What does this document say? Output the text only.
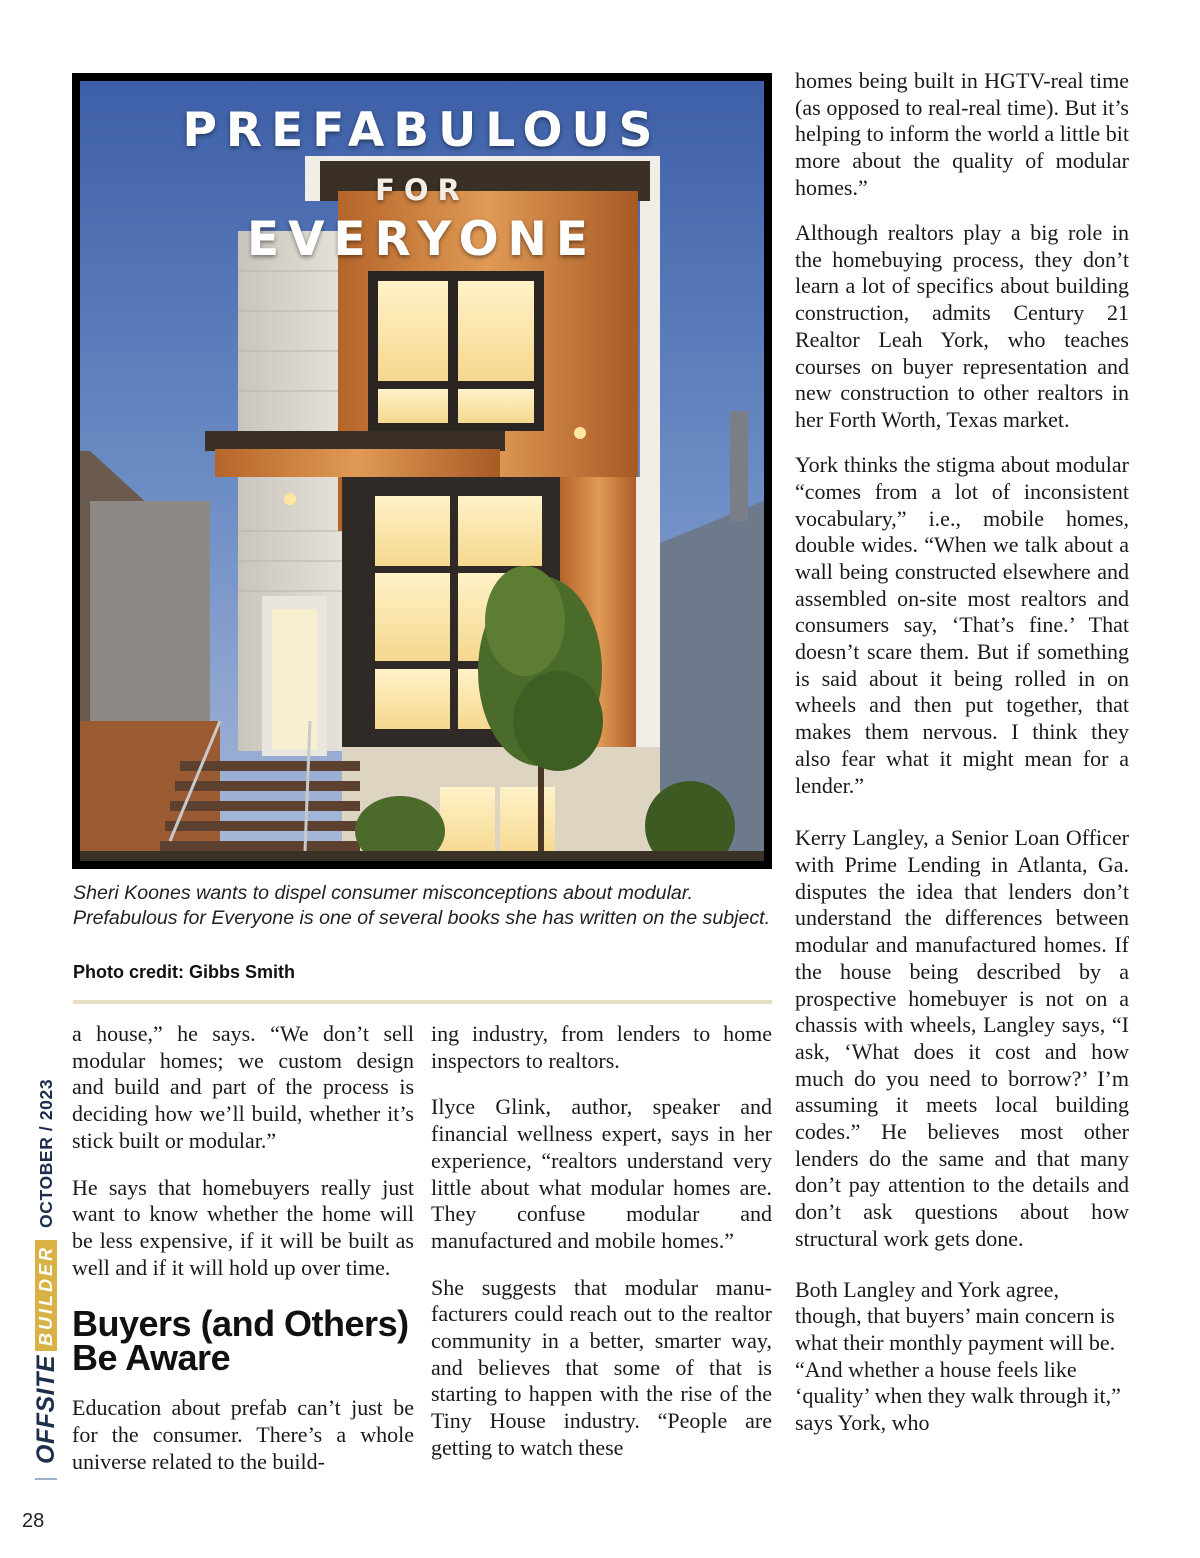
PREFABULOUS
FOR
EVERYONE
Sheri Koones wants to dispel consumer misconceptions about modular. Prefabulous for Everyone is one of several books she has written on the subject.
Photo credit: Gibbs Smith

a house,” he says. “We don’t sell modular homes; we custom design and build and part of the process is deciding how we’ll build, whether it’s stick built or modular.”

He says that homebuyers really just want to know whether the home will be less expensive, if it will be built as well and if it will hold up over time.

Buyers (and Others) Be Aware

Education about prefab can’t just be for the consumer. There’s a whole universe related to the build-

ing industry, from lenders to home inspectors to realtors.

Ilyce Glink, author, speaker and financial wellness expert, says in her experience, “realtors understand very little about what modular homes are. They confuse modular and manufactured and mobile homes.”

She suggests that modular manufacturers could reach out to the realtor community in a better, smarter way, and believes that some of that is starting to happen with the rise of the Tiny House industry. “People are getting to watch these

homes being built in HGTV-real time (as opposed to real-real time). But it’s helping to inform the world a little bit more about the quality of modular homes.”

Although realtors play a big role in the homebuying process, they don’t learn a lot of specifics about building construction, admits Century 21 Realtor Leah York, who teaches courses on buyer representation and new construction to other realtors in her Forth Worth, Texas market.

York thinks the stigma about modular “comes from a lot of inconsistent vocabulary,” i.e., mobile homes, double wides. “When we talk about a wall being constructed elsewhere and assembled on-site most realtors and consumers say, ‘That’s fine.’ That doesn’t scare them. But if something is said about it being rolled in on wheels and then put together, that makes them nervous. I think they also fear what it might mean for a lender.”

Kerry Langley, a Senior Loan Officer with Prime Lending in Atlanta, Ga. disputes the idea that lenders don’t understand the differences between modular and manufactured homes. If the house being described by a prospective homebuyer is not on a chassis with wheels, Langley says, “I ask, ‘What does it cost and how much do you need to borrow?’ I’m assuming it meets local building codes.” He believes most other lenders do the same and that many don’t pay attention to the details and don’t ask questions about how structural work gets done.

Both Langley and York agree, though, that buyers’ main concern is what their monthly payment will be. “And whether a house feels like ‘quality’ when they walk through it,” says York, who

OFFSITE
BUILDER
OCTOBER / 2023
28
